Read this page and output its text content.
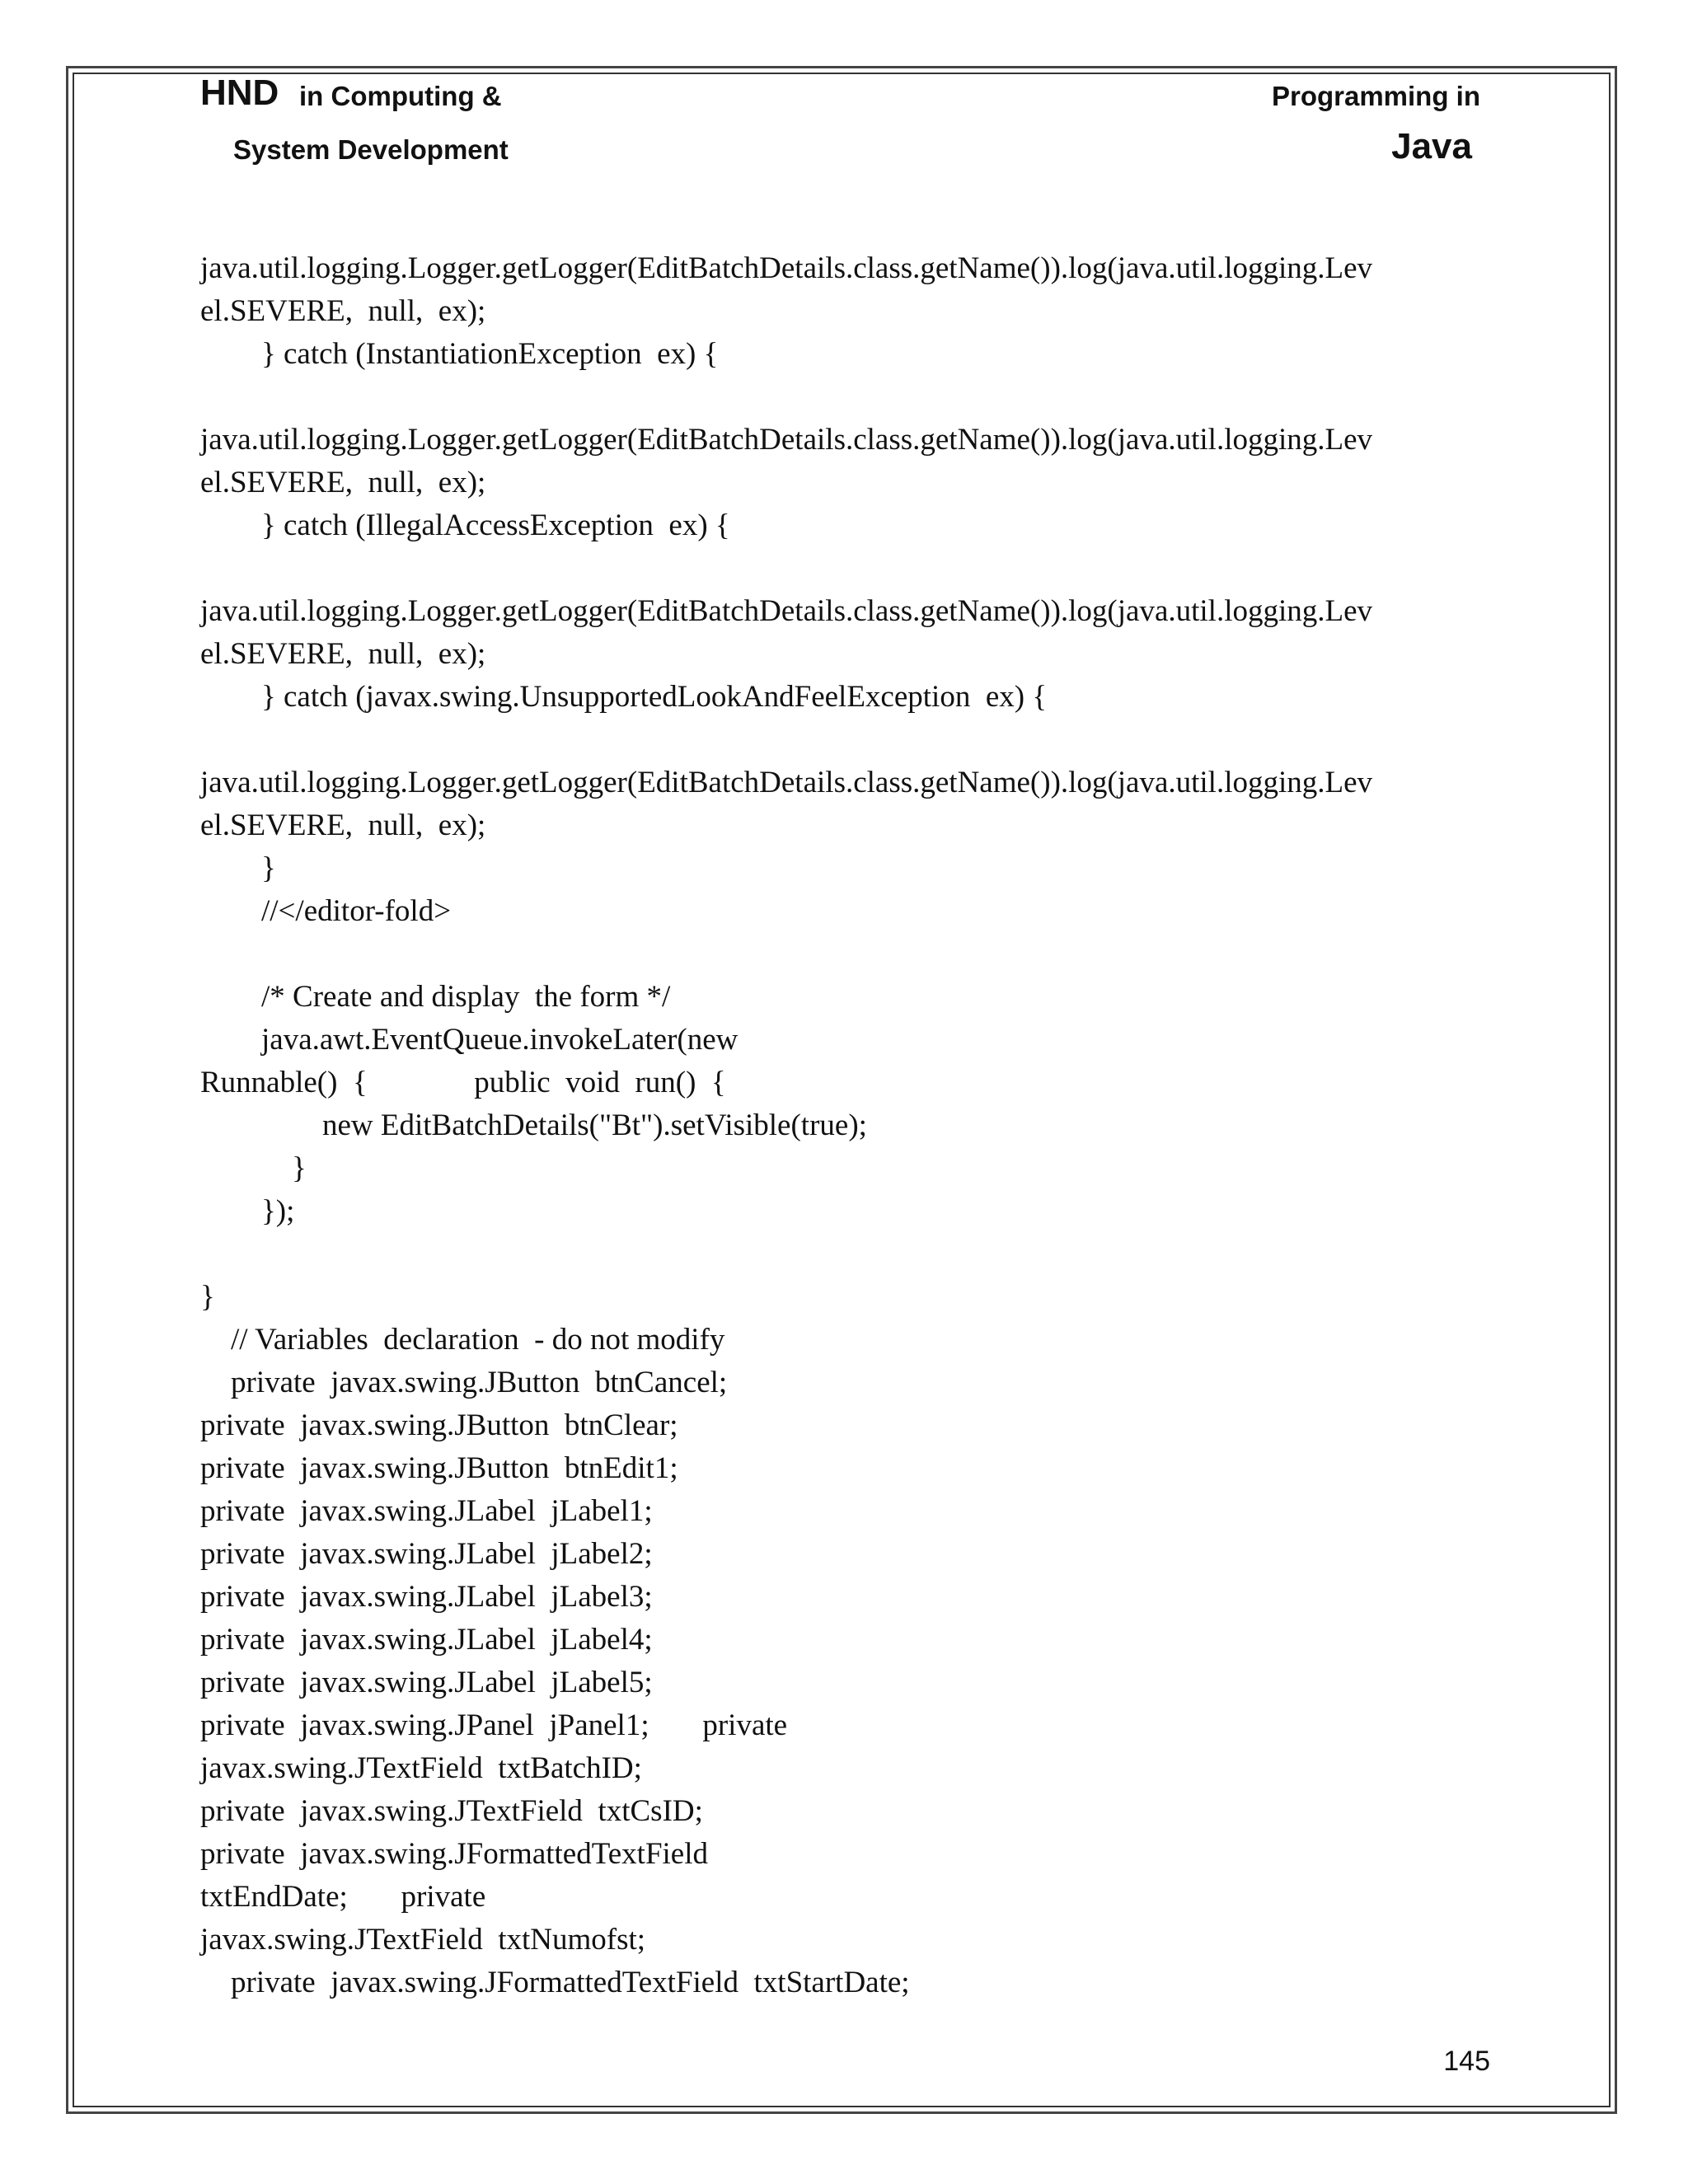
HND in Computing &
System Development
Programming in
Java
java.util.logging.Logger.getLogger(EditBatchDetails.class.getName()).log(java.util.logging.Lev
el.SEVERE,  null,  ex);
} catch (InstantiationException  ex) {
java.util.logging.Logger.getLogger(EditBatchDetails.class.getName()).log(java.util.logging.Lev
el.SEVERE,  null,  ex);
} catch (IllegalAccessException  ex) {
java.util.logging.Logger.getLogger(EditBatchDetails.class.getName()).log(java.util.logging.Lev
el.SEVERE,  null,  ex);
} catch (javax.swing.UnsupportedLookAndFeelException  ex) {
java.util.logging.Logger.getLogger(EditBatchDetails.class.getName()).log(java.util.logging.Lev
el.SEVERE,  null,  ex);
}
//</editor-fold>
/* Create and display  the form */
java.awt.EventQueue.invokeLater(new
Runnable()  {              public  void  run()  {
new EditBatchDetails("Bt").setVisible(true);
}
});
}
// Variables  declaration  - do not modify
private  javax.swing.JButton  btnCancel;
private  javax.swing.JButton  btnClear;
private  javax.swing.JButton  btnEdit1;
private  javax.swing.JLabel  jLabel1;
private  javax.swing.JLabel  jLabel2;
private  javax.swing.JLabel  jLabel3;
private  javax.swing.JLabel  jLabel4;
private  javax.swing.JLabel  jLabel5;
private  javax.swing.JPanel  jPanel1;       private
javax.swing.JTextField  txtBatchID;
private  javax.swing.JTextField  txtCsID;
private  javax.swing.JFormattedTextField
txtEndDate;       private
javax.swing.JTextField  txtNumofst;
private  javax.swing.JFormattedTextField  txtStartDate;
145
